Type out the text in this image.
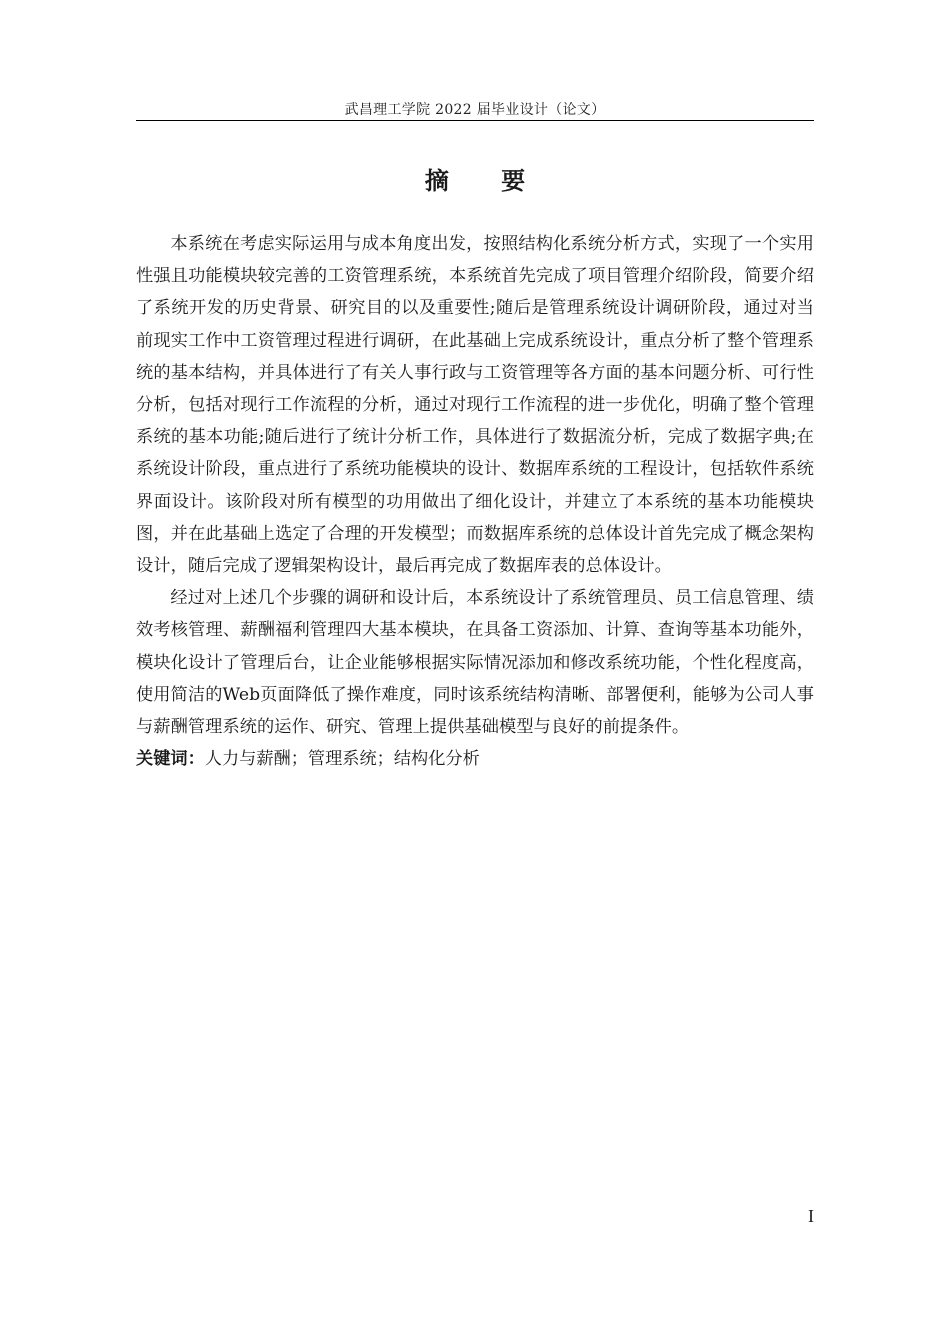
武昌理工学院 2022 届毕业设计（论文）
摘 要

本系统在考虑实际运用与成本角度出发，按照结构化系统分析方式，实现了一个实用性强且功能模块较完善的工资管理系统，本系统首先完成了项目管理介绍阶段，简要介绍了系统开发的历史背景、研究目的以及重要性;随后是管理系统设计调研阶段，通过对当前现实工作中工资管理过程进行调研，在此基础上完成系统设计，重点分析了整个管理系统的基本结构，并具体进行了有关人事行政与工资管理等各方面的基本问题分析、可行性分析，包括对现行工作流程的分析，通过对现行工作流程的进一步优化，明确了整个管理系统的基本功能;随后进行了统计分析工作，具体进行了数据流分析，完成了数据字典;在系统设计阶段，重点进行了系统功能模块的设计、数据库系统的工程设计，包括软件系统界面设计。该阶段对所有模型的功用做出了细化设计，并建立了本系统的基本功能模块图，并在此基础上选定了合理的开发模型；而数据库系统的总体设计首先完成了概念架构设计，随后完成了逻辑架构设计，最后再完成了数据库表的总体设计。

经过对上述几个步骤的调研和设计后，本系统设计了系统管理员、员工信息管理、绩效考核管理、薪酬福利管理四大基本模块，在具备工资添加、计算、查询等基本功能外，模块化设计了管理后台，让企业能够根据实际情况添加和修改系统功能，个性化程度高，使用简洁的Web页面降低了操作难度，同时该系统结构清晰、部署便利，能够为公司人事与薪酬管理系统的运作、研究、管理上提供基础模型与良好的前提条件。

关键词：人力与薪酬；管理系统；结构化分析

I
